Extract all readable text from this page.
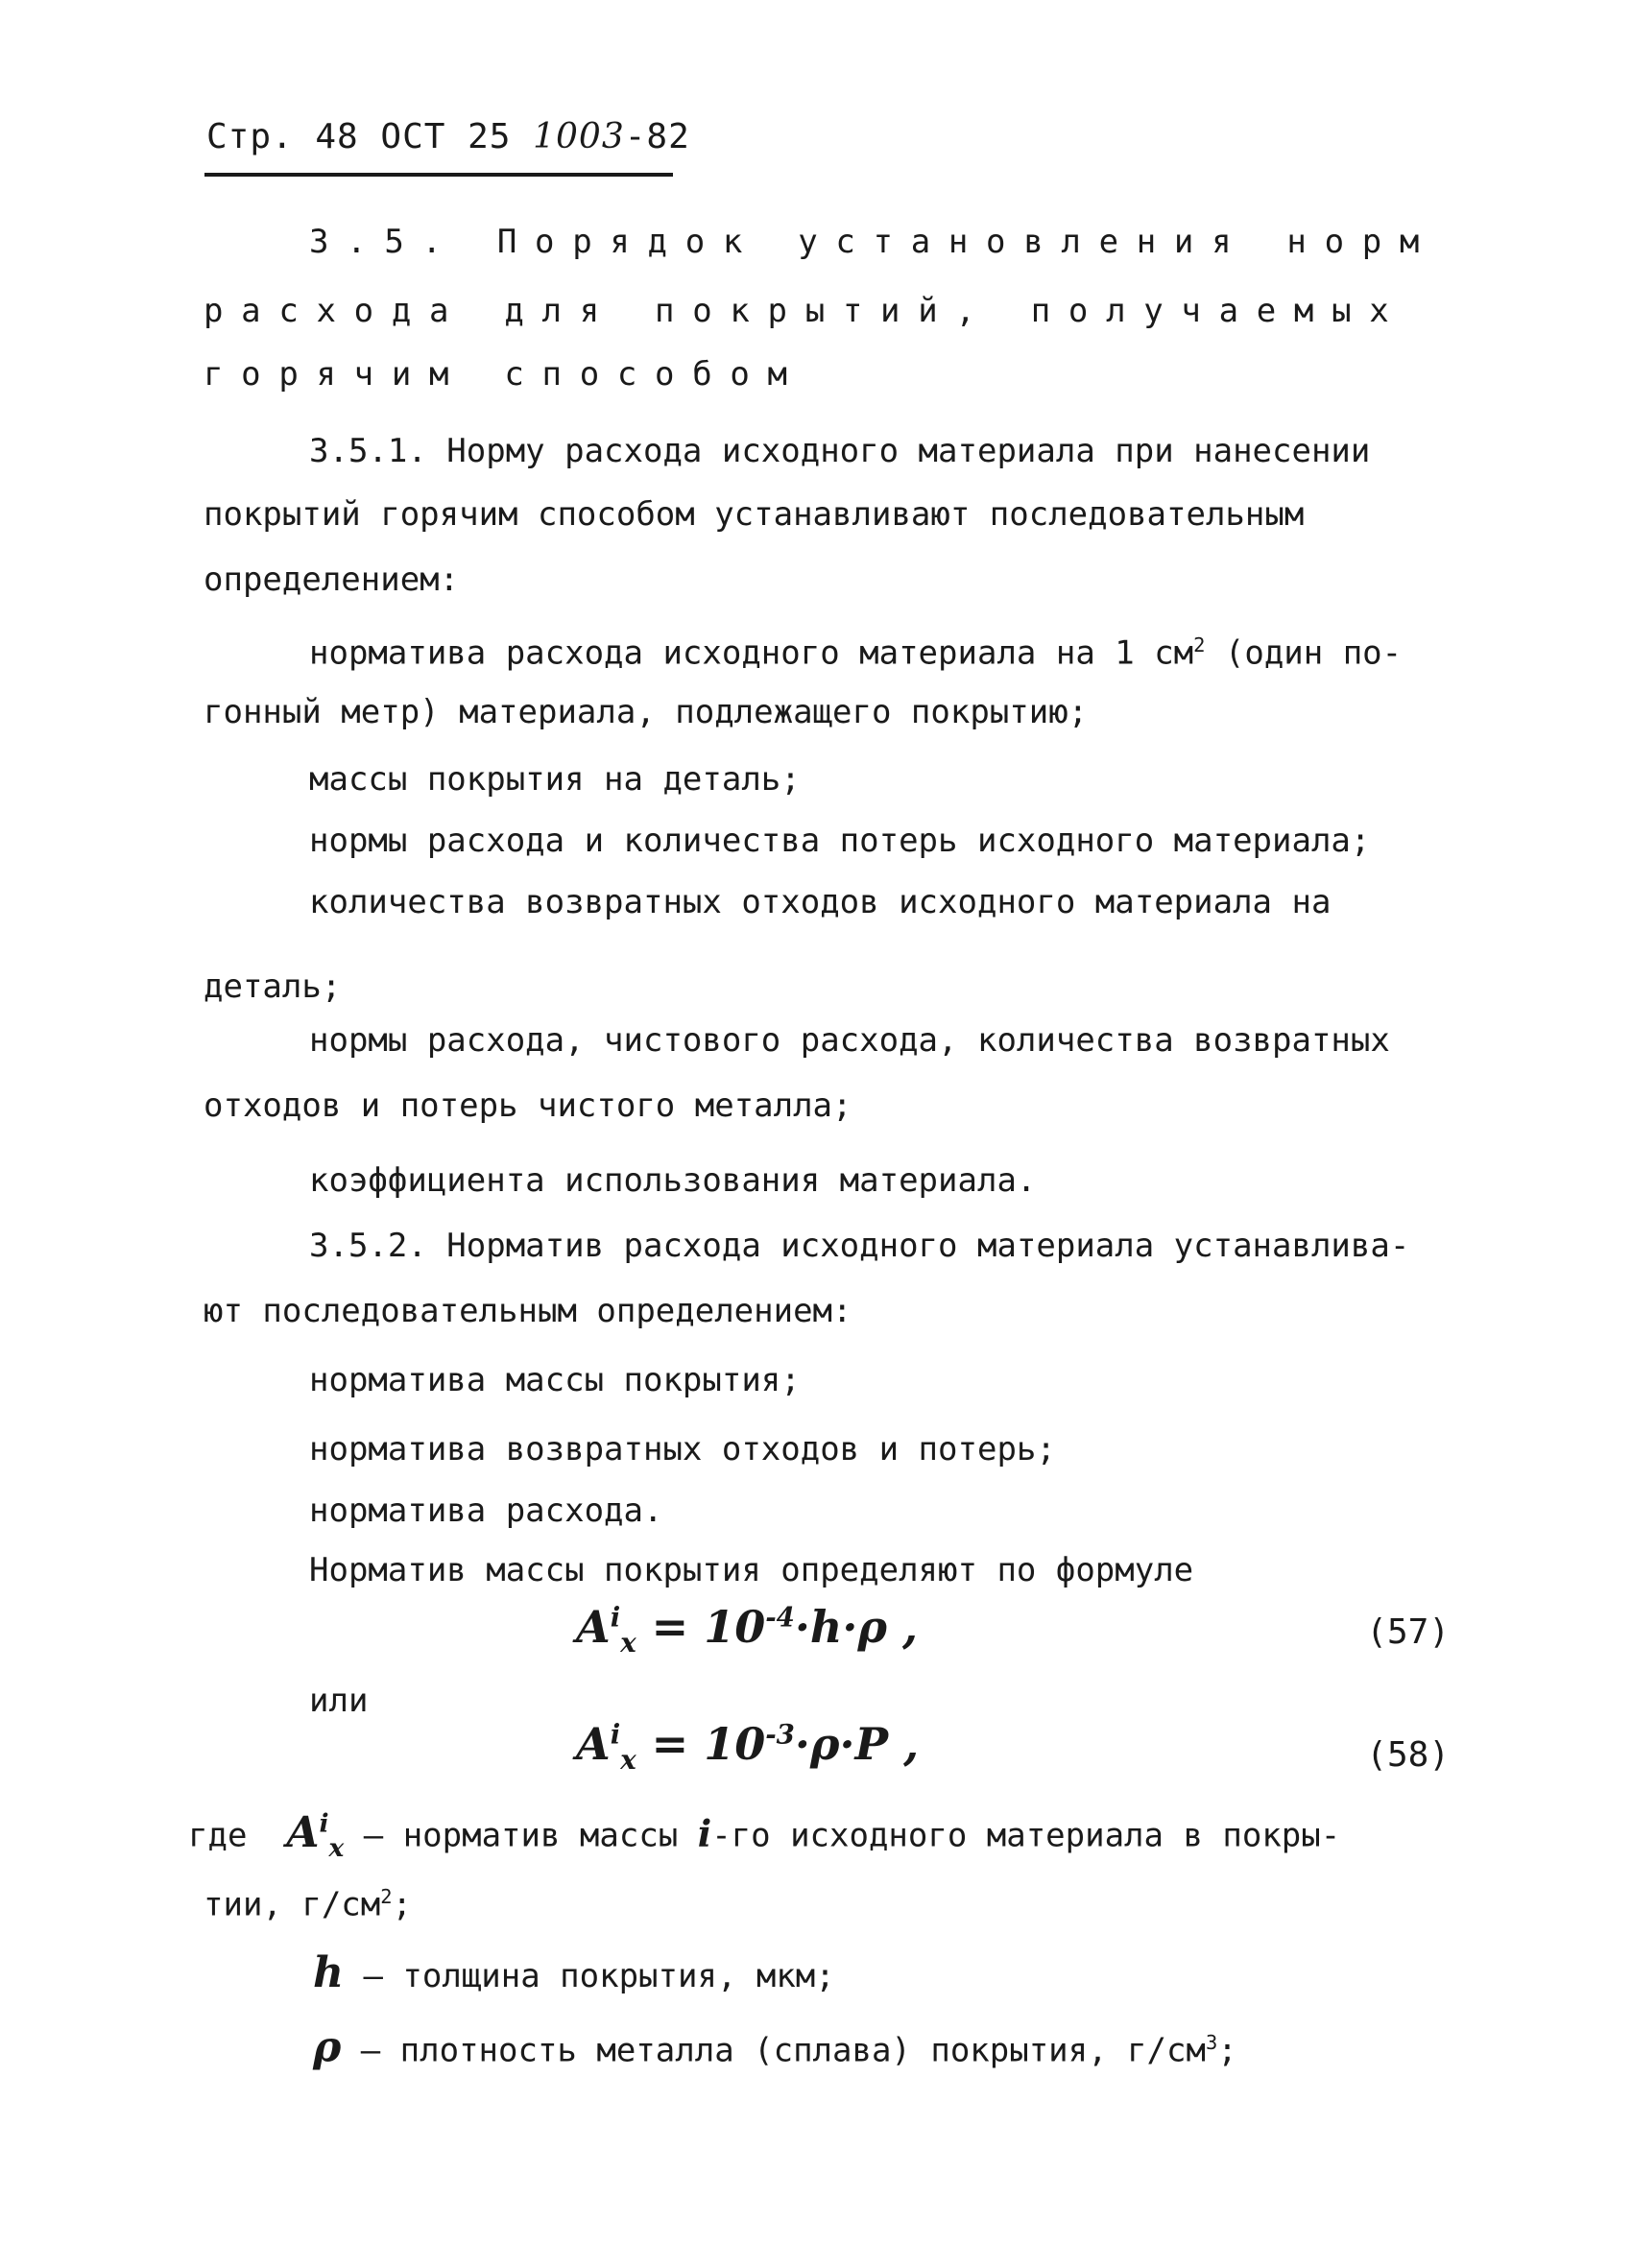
Стр. 48 ОСТ 25 1003-82
3.5. Порядок установления норм
расхода для покрытий, получаемых
горячим способом
3.5.1. Норму расхода исходного материала при нанесении
покрытий горячим способом устанавливают последовательным
определением:
норматива расхода исходного материала на 1 $см^2$ (один по-
гонный метр) материала, подлежащего покрытию;
массы покрытия на деталь;
нормы расхода и количества потерь исходного материала;
количества возвратных отходов исходного материала на
деталь;
нормы расхода, чистового расхода, количества возвратных
отходов и потерь чистого металла;
коэффициента использования материала.
3.5.2. Норматив расхода исходного материала устанавлива-
ют последовательным определением:
норматива массы покрытия;
норматива возвратных отходов и потерь;
норматива расхода.
Норматив массы покрытия определяют по формуле
$A^i_x = 10^{-4}\cdot h\cdot\rho$ ,	(57)
или
$A^i_x = 10^{-3}\cdot\rho\cdot P$ ,	(58)
где $A^i_x$ – норматив массы i-го исходного материала в покры-
тии, $г/см^2$;
h – толщина покрытия, мкм;
ρ – плотность металла (сплава) покрытия, $г/см^3$;
